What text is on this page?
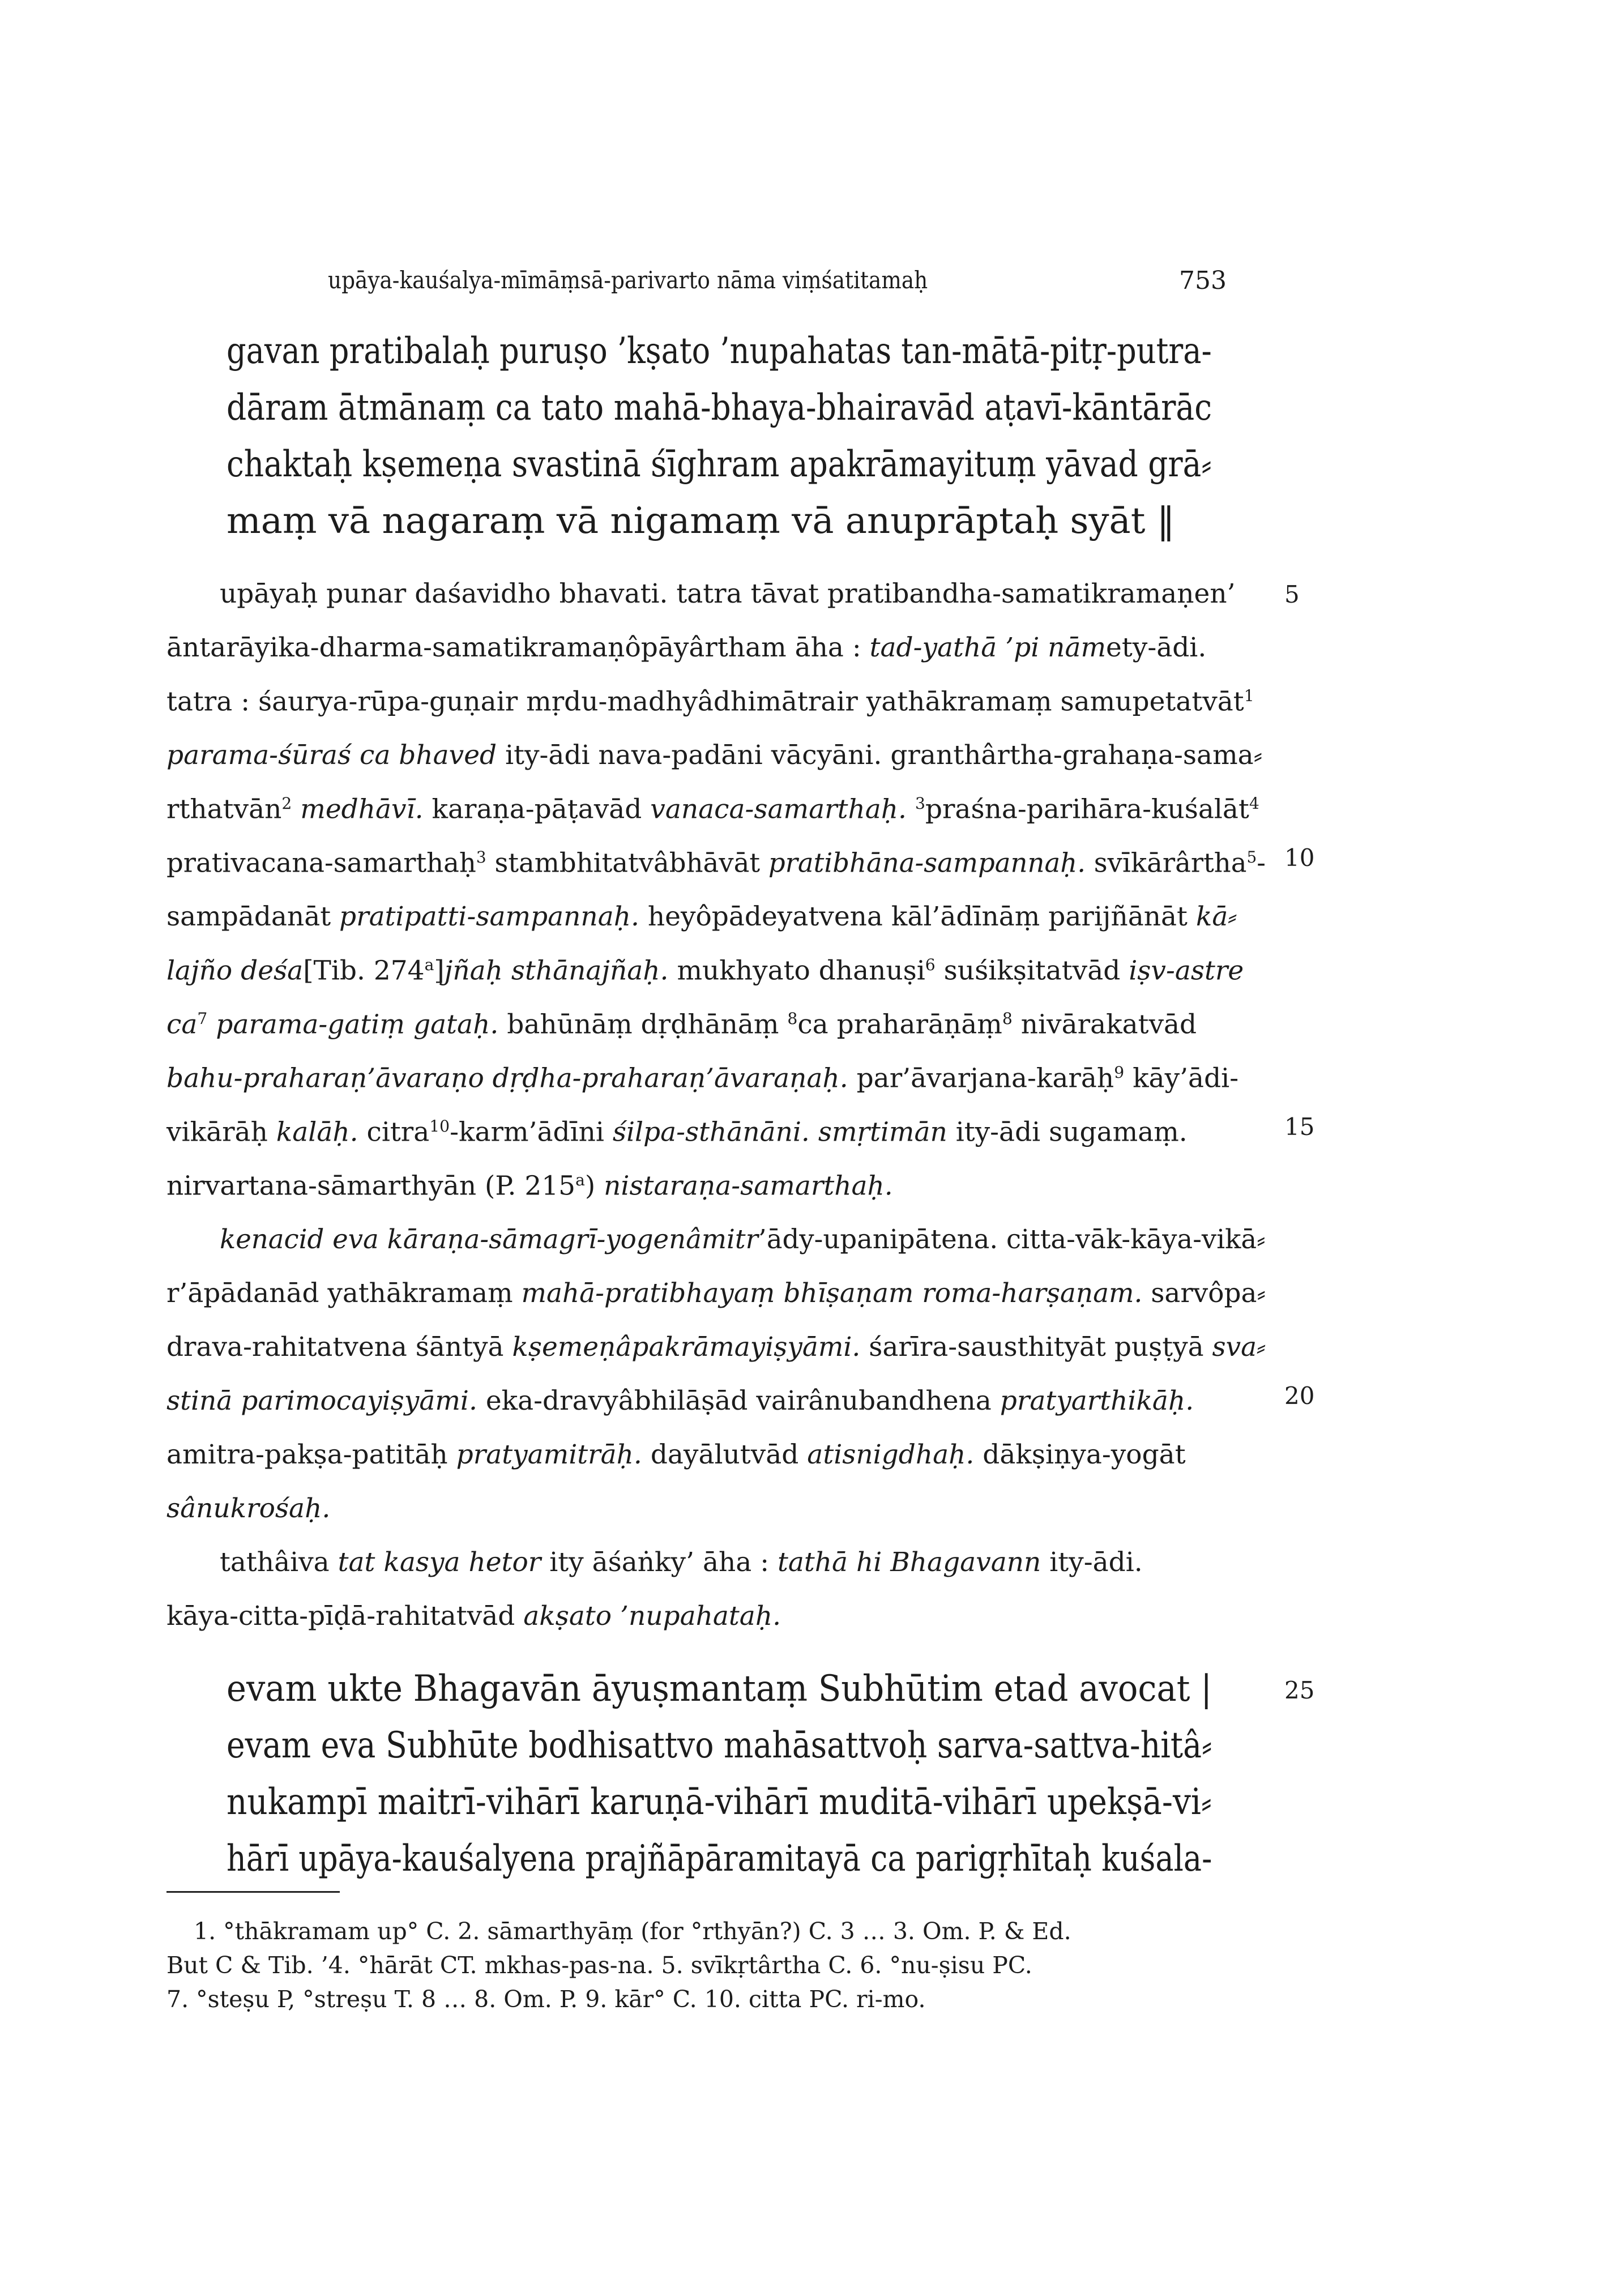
upāya-kauśalya-mīmāṃsā-parivarto nāma viṃśatitamaḥ	753
gavan pratibalaḥ puruṣo ’kṣato ’nupahatas tan-mātā-pitṛ-putra-
dāram ātmānaṃ ca tato mahā-bhaya-bhairavād aṭavī-kāntārāc
chaktaḥ kṣemeṇa svastinā śīghram apakrāmayituṃ yāvad grā⸗
maṃ vā nagaraṃ vā nigamaṃ vā anuprāptaḥ syāt ‖
upāyaḥ punar daśavidho bhavati. tatra tāvat pratibandha-samatikramaṇen’
āntarāyika-dharma-samatikramaṇôpāyârtham āha : tad-yathā ’pi nāmety-ādi.
tatra : śaurya-rūpa-guṇair mṛdu-madhyâdhimātrair yathākramaṃ samupetatvāt$^1$
parama-śūraś ca bhaved ity-ādi nava-padāni vācyāni. granthârtha-grahaṇa-sama⸗
rthatvān$^2$ medhāvī. karaṇa-pāṭavād vanaca-samarthaḥ. $^3$praśna-parihāra-kuśalāt$^4$
prativacana-samarthaḥ$^3$ stambhitatvâbhāvāt pratibhāna-sampannaḥ. svīkārârtha$^5$-
sampādanāt pratipatti-sampannaḥ. heyôpādeyatvena kāl’ādīnāṃ parijñānāt kā⸗
lajño deśa[Tib. 274$^a$]jñaḥ sthānajñaḥ. mukhyato dhanuṣi$^6$ suśikṣitatvād iṣv-astre
$ca^7$ parama-gatiṃ gataḥ. bahūnāṃ dṛḍhānāṃ $^8$ca praharāṇāṃ$^8$ nivārakatvād
bahu-praharaṇ’āvaraṇo dṛḍha-praharaṇ’āvaraṇaḥ. par’āvarjana-karāḥ$^9$ kāy’ādi-
vikārāḥ kalāḥ. citra$^{10}$-karm’ādīni śilpa-sthānāni. smṛtimān ity-ādi sugamaṃ.
nirvartana-sāmarthyān (P. 215$^a$) nistaraṇa-samarthaḥ.
kenacid eva kāraṇa-sāmagrī-yogenâmitr’ādy-upanipātena. citta-vāk-kāya-vikā⸗
r’āpādanād yathākramaṃ mahā-pratibhayaṃ bhīṣaṇam roma-harṣaṇam. sarvôpa⸗
drava-rahitatvena śāntyā kṣemeṇâpakrāmayiṣyāmi. śarīra-sausthityāt puṣṭyā sva⸗
stinā parimocayiṣyāmi. eka-dravyâbhilāṣād vairânubandhena pratyarthikāḥ.
amitra-pakṣa-patitāḥ pratyamitrāḥ. dayālutvād atisnigdhaḥ. dākṣiṇya-yogāt
sânukrośaḥ.
tathâiva tat kasya hetor ity āśaṅky’ āha : tathā hi Bhagavann ity-ādi.
kāya-citta-pīḍā-rahitatvād akṣato ’nupahataḥ.
evam ukte Bhagavān āyuṣmantaṃ Subhūtim etad avocat |
evam eva Subhūte bodhisattvo mahāsattvoḥ sarva-sattva-hitâ⸗
nukampī maitrī-vihārī karuṇā-vihārī muditā-vihārī upekṣā-vi⸗
hārī upāya-kauśalyena prajñāpāramitayā ca parigṛhītaḥ kuśala-
5
10
15
20
25
1. °thākramam up° C. 2. sāmarthyāṃ (for °rthyān?) C. 3 … 3. Om. P. & Ed.
But C & Tib. ’4. °hārāt CT. mkhas-pas-na. 5. svīkṛtârtha C. 6. °nu-ṣisu PC.
7. °steṣu P, °streṣu T. 8 … 8. Om. P. 9. kār° C. 10. citta PC. ri-mo.
